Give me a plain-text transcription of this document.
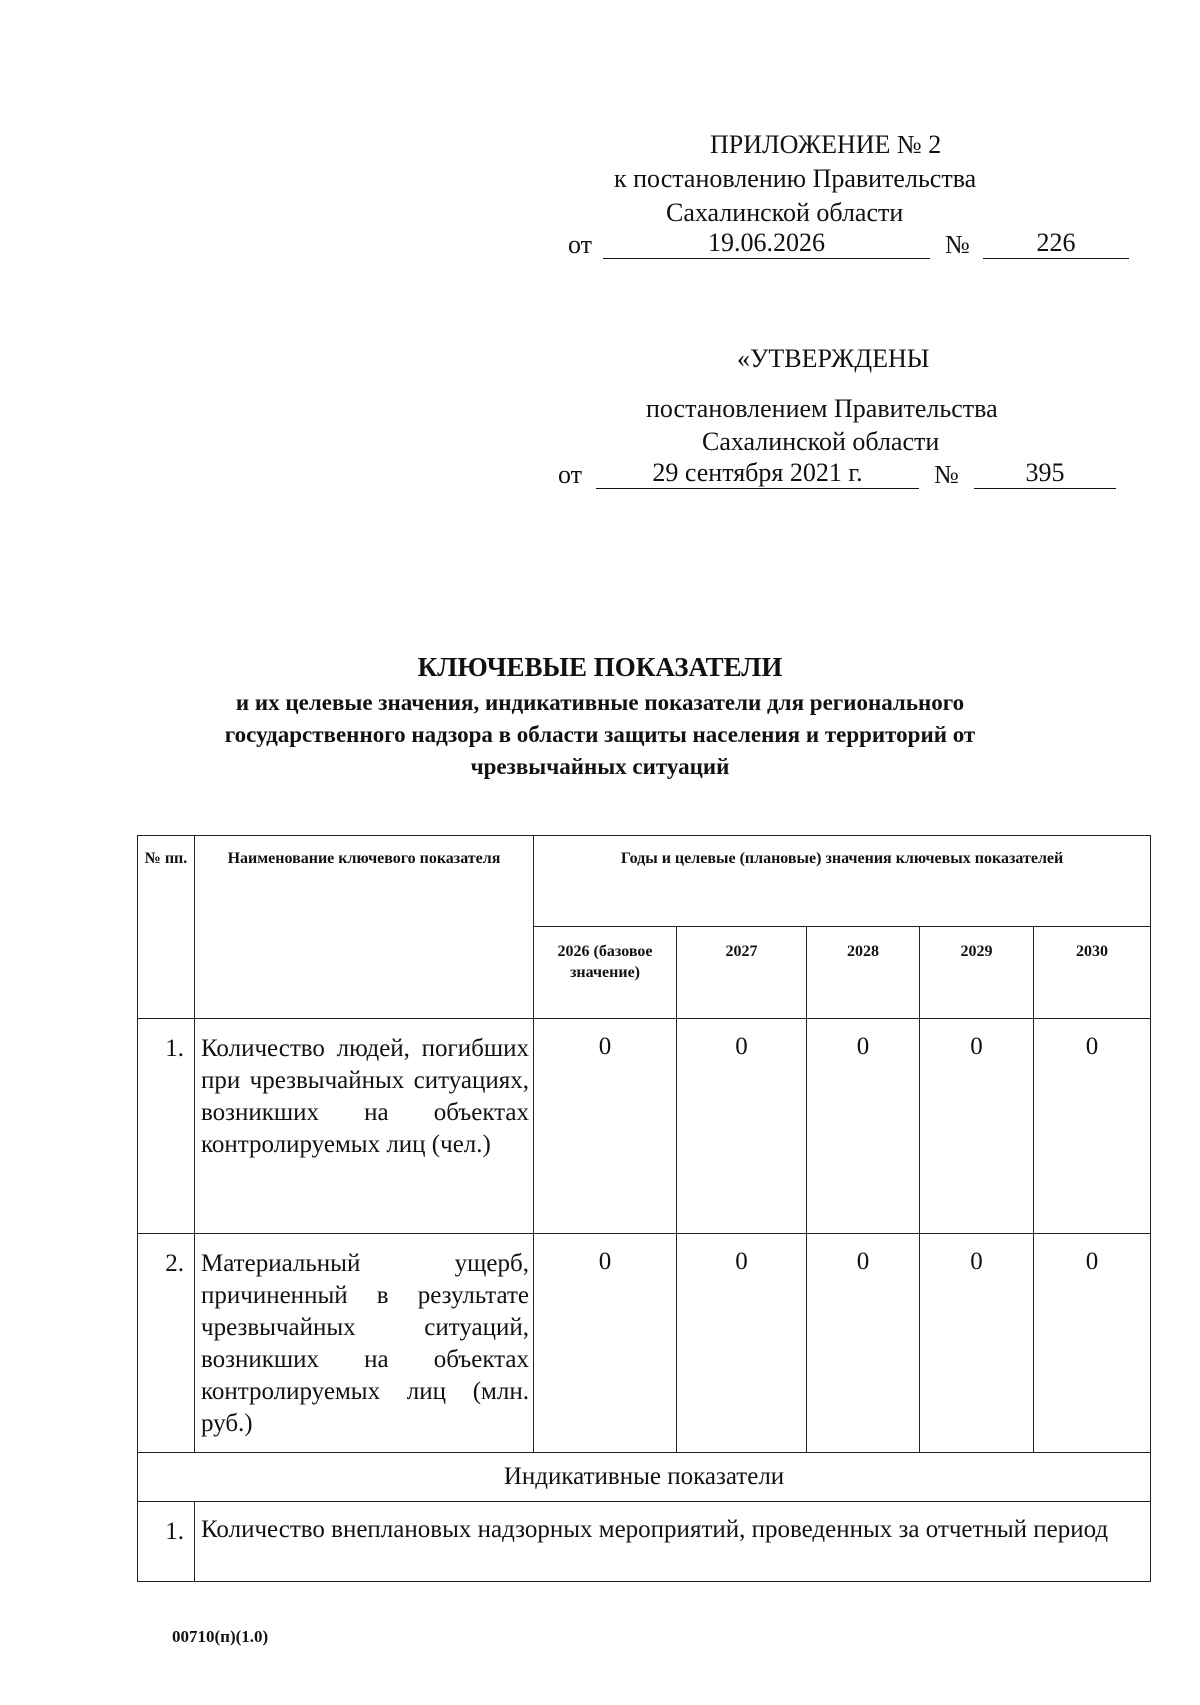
ПРИЛОЖЕНИЕ № 2
к постановлению Правительства
Сахалинской области
от	19.06.2026	№	226
«УТВЕРЖДЕНЫ
постановлением Правительства
Сахалинской области
от	29 сентября 2021 г.	№	395
КЛЮЧЕВЫЕ ПОКАЗАТЕЛИ
и их целевые значения, индикативные показатели для регионального
государственного надзора в области защиты населения и территорий от
чрезвычайных ситуаций
№ пп.	Наименование ключевого показателя	Годы и целевые (плановые) значения ключевых показателей				
		2026 (базовое значение)	2027	2028	2029	2030
1.	Количество людей, погибших при чрезвычайных ситуациях, возникших на объектах контролируемых лиц (чел.)	0	0	0	0	0
2.	Материальный ущерб, причиненный в результате чрезвычайных ситуаций, возникших на объектах контролируемых лиц (млн. руб.)	0	0	0	0	0
Индикативные показатели						
1.	Количество внеплановых надзорных мероприятий, проведенных за отчетный период					
00710(п)(1.0)
